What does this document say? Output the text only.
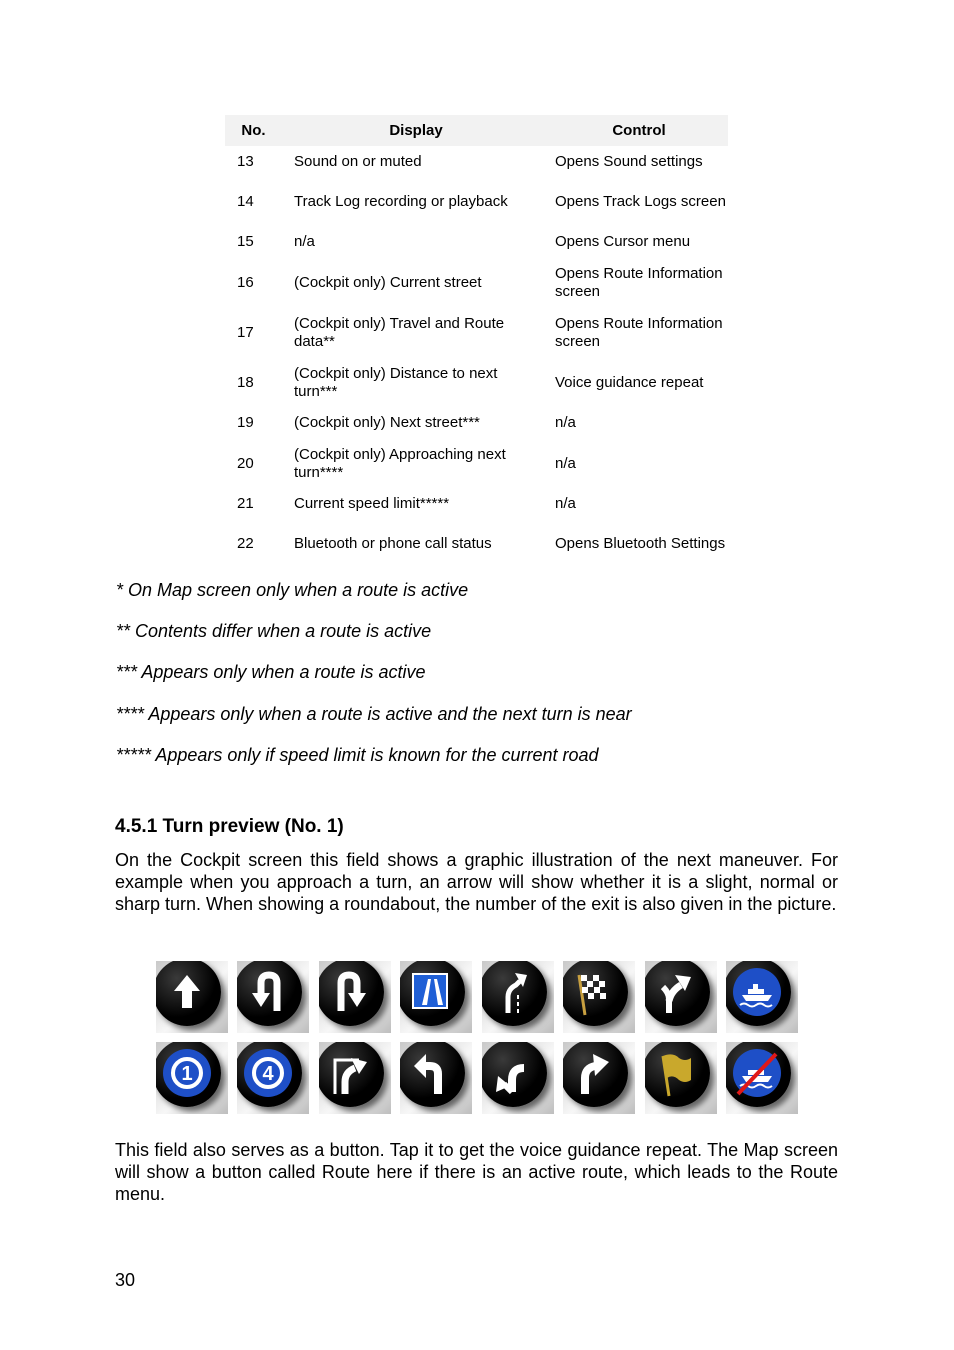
No.	Display	Control
13	Sound on or muted	Opens Sound settings
14	Track Log recording or playback	Opens Track Logs screen
15	n/a	Opens Cursor menu
16	(Cockpit only) Current street	Opens Route Information screen
17	(Cockpit only) Travel and Route data**	Opens Route Information screen
18	(Cockpit only) Distance to next turn***	Voice guidance repeat
19	(Cockpit only) Next street***	n/a
20	(Cockpit only) Approaching next turn****	n/a
21	Current speed limit*****	n/a
22	Bluetooth or phone call status	Opens Bluetooth Settings
* On Map screen only when a route is active
** Contents differ when a route is active
*** Appears only when a route is active
**** Appears only when a route is active and the next turn is near
***** Appears only if speed limit is known for the current road
4.5.1 Turn preview (No. 1)
On the Cockpit screen this field shows a graphic illustration of the next maneuver. For example when you approach a turn, an arrow will show whether it is a slight, normal or sharp turn. When showing a roundabout, the number of the exit is also given in the picture.
1	4
This field also serves as a button. Tap it to get the voice guidance repeat. The Map screen will show a button called Route here if there is an active route, which leads to the Route menu.
30
